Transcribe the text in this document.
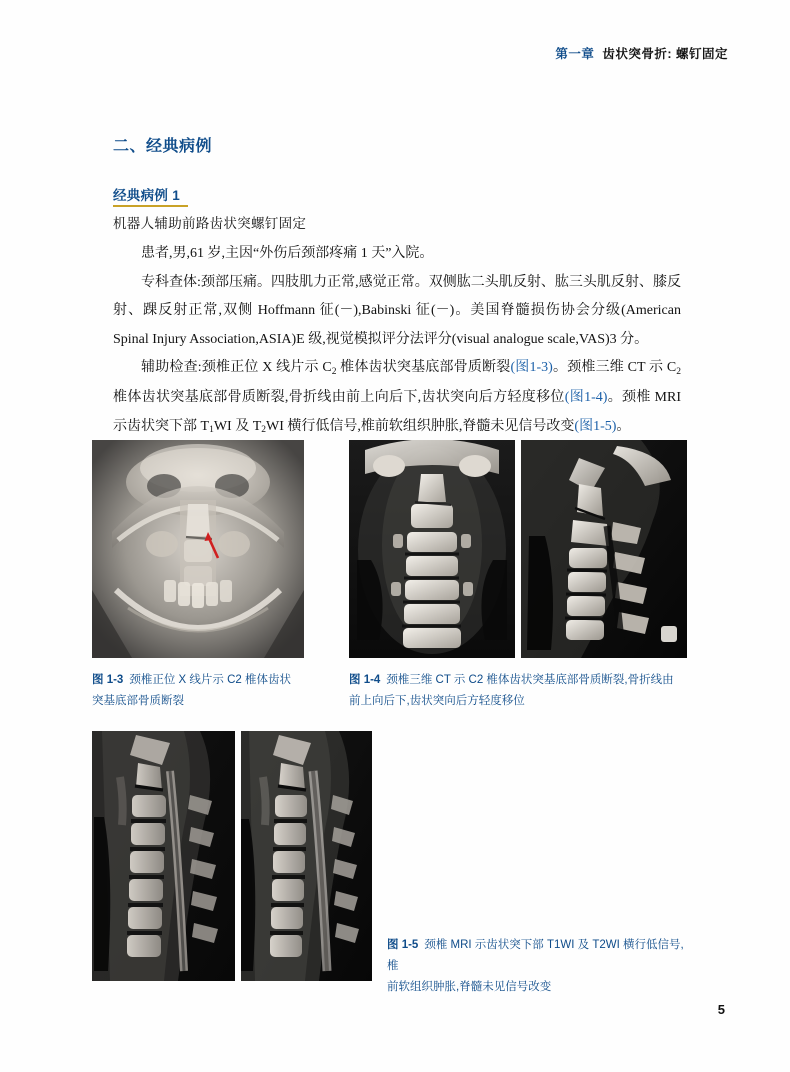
第一章 齿状突骨折: 螺钉固定
二、经典病例
经典病例 1
机器人辅助前路齿状突螺钉固定

患者,男,61 岁,主因“外伤后颈部疼痛 1 天”入院。

专科查体:颈部压痛。四肢肌力正常,感觉正常。双侧肱二头肌反射、肱三头肌反射、膝反射、踝反射正常,双侧 Hoffmann 征(－),Babinski 征(－)。美国脊髓损伤协会分级(American Spinal Injury Association,ASIA)E 级,视觉模拟评分法评分(visual analogue scale,VAS)3 分。

辅助检查:颈椎正位 X 线片示 $C_2$ 椎体齿状突基底部骨质断裂(图1-3)。颈椎三维 CT 示 $C_2$ 椎体齿状突基底部骨质断裂,骨折线由前上向后下,齿状突向后方轻度移位(图1-4)。颈椎 MRI 示齿状突下部 $T_1WI$ 及 $T_2WI$ 横行低信号,椎前软组织肿胀,脊髓未见信号改变(图1-5)。

图 1-3 颈椎正位 X 线片示 C2 椎体齿状
突基底部骨质断裂
图 1-4 颈椎三维 CT 示 C2 椎体齿状突基底部骨质断裂,骨折线由
前上向后下,齿状突向后方轻度移位
图 1-5 颈椎 MRI 示齿状突下部 T1WI 及 T2WI 横行低信号,椎
前软组织肿胀,脊髓未见信号改变
5
